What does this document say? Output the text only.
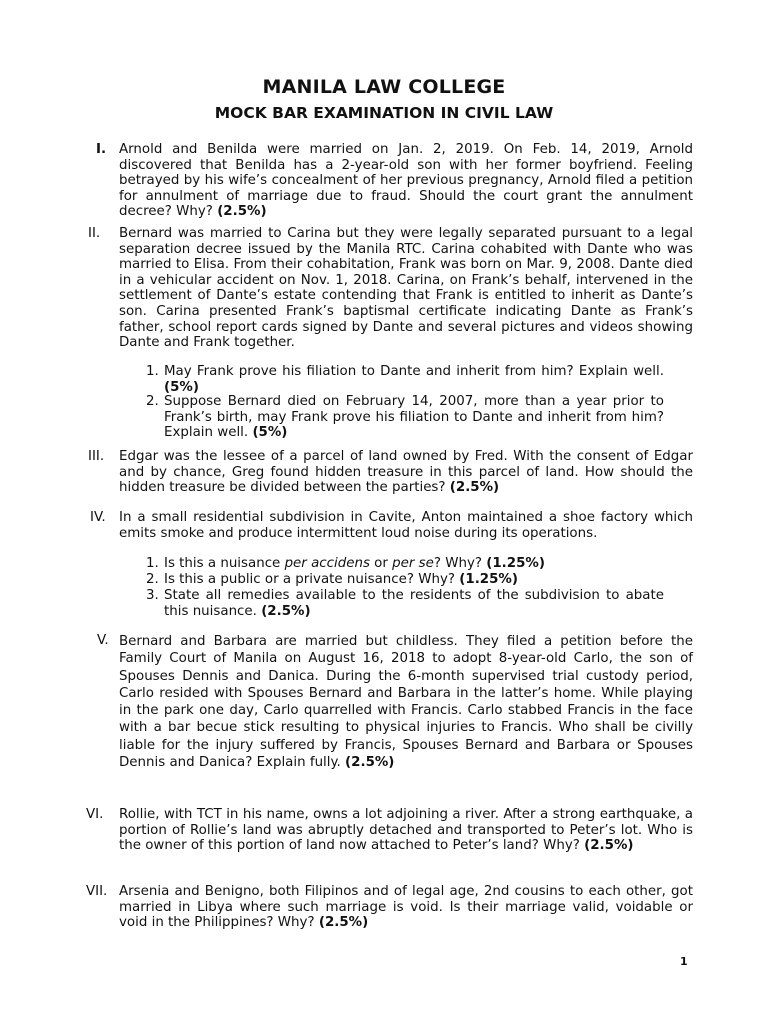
MANILA LAW COLLEGE
MOCK BAR EXAMINATION IN CIVIL LAW
I. Arnold and Benilda were married on Jan. 2, 2019. On Feb. 14, 2019, Arnold discovered that Benilda has a 2-year-old son with her former boyfriend. Feeling betrayed by his wife’s concealment of her previous pregnancy, Arnold filed a petition for annulment of marriage due to fraud. Should the court grant the annulment decree? Why? (2.5%)
II. Bernard was married to Carina but they were legally separated pursuant to a legal separation decree issued by the Manila RTC. Carina cohabited with Dante who was married to Elisa. From their cohabitation, Frank was born on Mar. 9, 2008. Dante died in a vehicular accident on Nov. 1, 2018. Carina, on Frank’s behalf, intervened in the settlement of Dante’s estate contending that Frank is entitled to inherit as Dante’s son. Carina presented Frank’s baptismal certificate indicating Dante as Frank’s father, school report cards signed by Dante and several pictures and videos showing Dante and Frank together.
1. May Frank prove his filiation to Dante and inherit from him? Explain well. (5%)
2. Suppose Bernard died on February 14, 2007, more than a year prior to Frank’s birth, may Frank prove his filiation to Dante and inherit from him? Explain well. (5%)
III. Edgar was the lessee of a parcel of land owned by Fred. With the consent of Edgar and by chance, Greg found hidden treasure in this parcel of land. How should the hidden treasure be divided between the parties? (2.5%)
IV. In a small residential subdivision in Cavite, Anton maintained a shoe factory which emits smoke and produce intermittent loud noise during its operations.
1. Is this a nuisance per accidens or per se? Why? (1.25%)
2. Is this a public or a private nuisance? Why? (1.25%)
3. State all remedies available to the residents of the subdivision to abate this nuisance. (2.5%)
V. Bernard and Barbara are married but childless. They filed a petition before the Family Court of Manila on August 16, 2018 to adopt 8-year-old Carlo, the son of Spouses Dennis and Danica. During the 6-month supervised trial custody period, Carlo resided with Spouses Bernard and Barbara in the latter’s home. While playing in the park one day, Carlo quarrelled with Francis. Carlo stabbed Francis in the face with a bar becue stick resulting to physical injuries to Francis. Who shall be civilly liable for the injury suffered by Francis, Spouses Bernard and Barbara or Spouses Dennis and Danica? Explain fully. (2.5%)
VI. Rollie, with TCT in his name, owns a lot adjoining a river. After a strong earthquake, a portion of Rollie’s land was abruptly detached and transported to Peter’s lot. Who is the owner of this portion of land now attached to Peter’s land? Why? (2.5%)
VII. Arsenia and Benigno, both Filipinos and of legal age, 2nd cousins to each other, got married in Libya where such marriage is void. Is their marriage valid, voidable or void in the Philippines? Why? (2.5%)
1
